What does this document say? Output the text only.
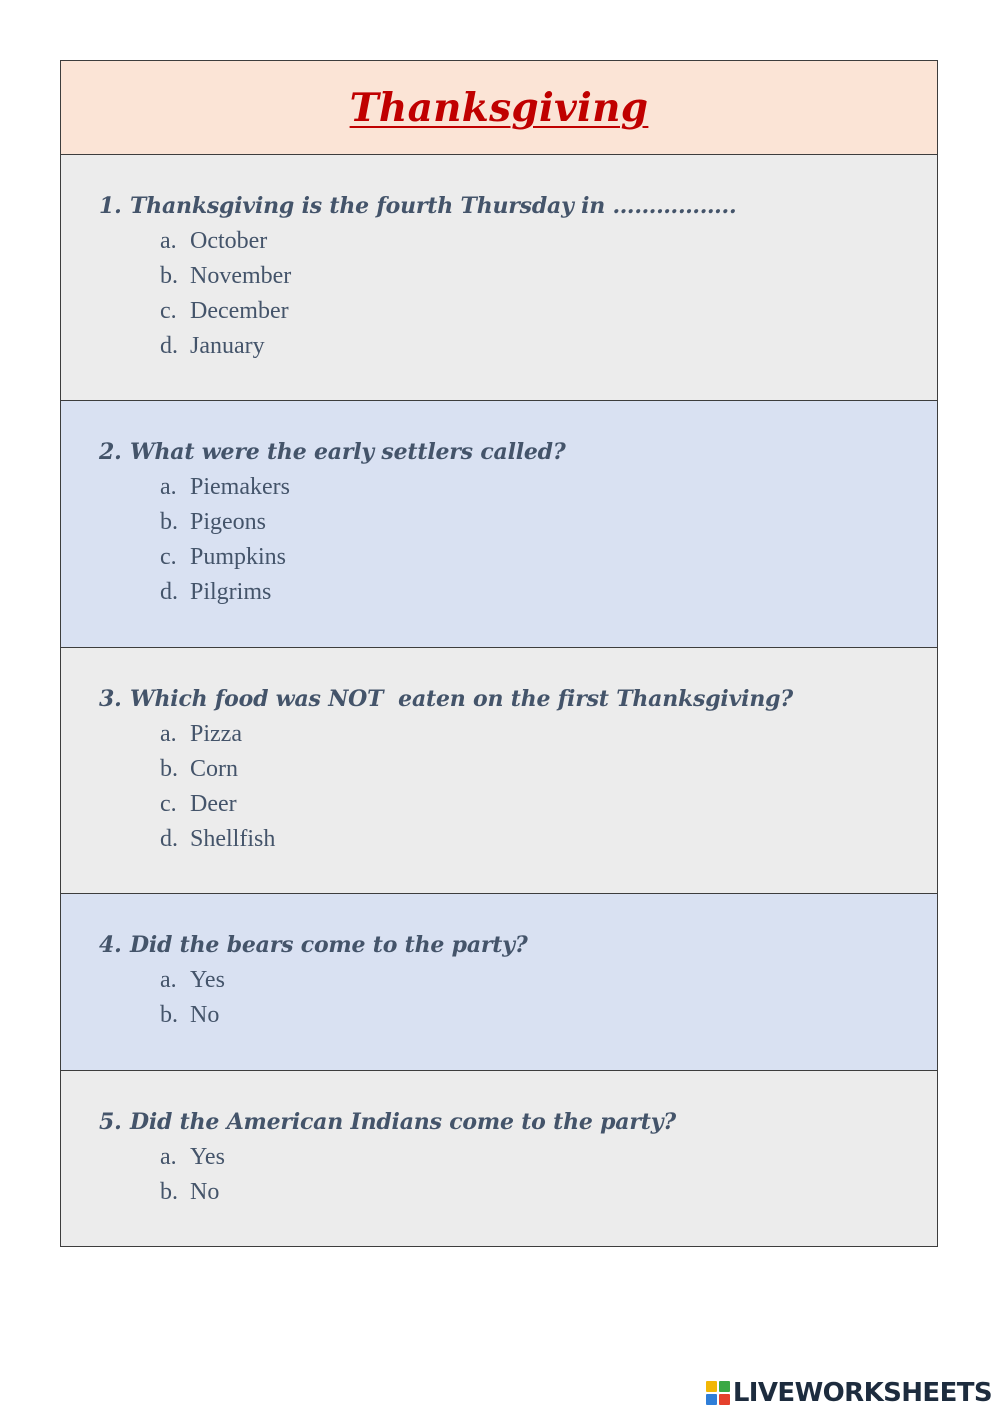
Thanksgiving

1. Thanksgiving is the fourth Thursday in ……………..

a. October
b. November
c. December
d. January

2. What were the early settlers called?

a. Piemakers
b. Pigeons
c. Pumpkins
d. Pilgrims

3. Which food was NOT  eaten on the first Thanksgiving?

a. Pizza
b. Corn
c. Deer
d. Shellfish

4. Did the bears come to the party?

a. Yes
b. No

5. Did the American Indians come to the party?

a. Yes
b. No
LIVEWORKSHEETS
